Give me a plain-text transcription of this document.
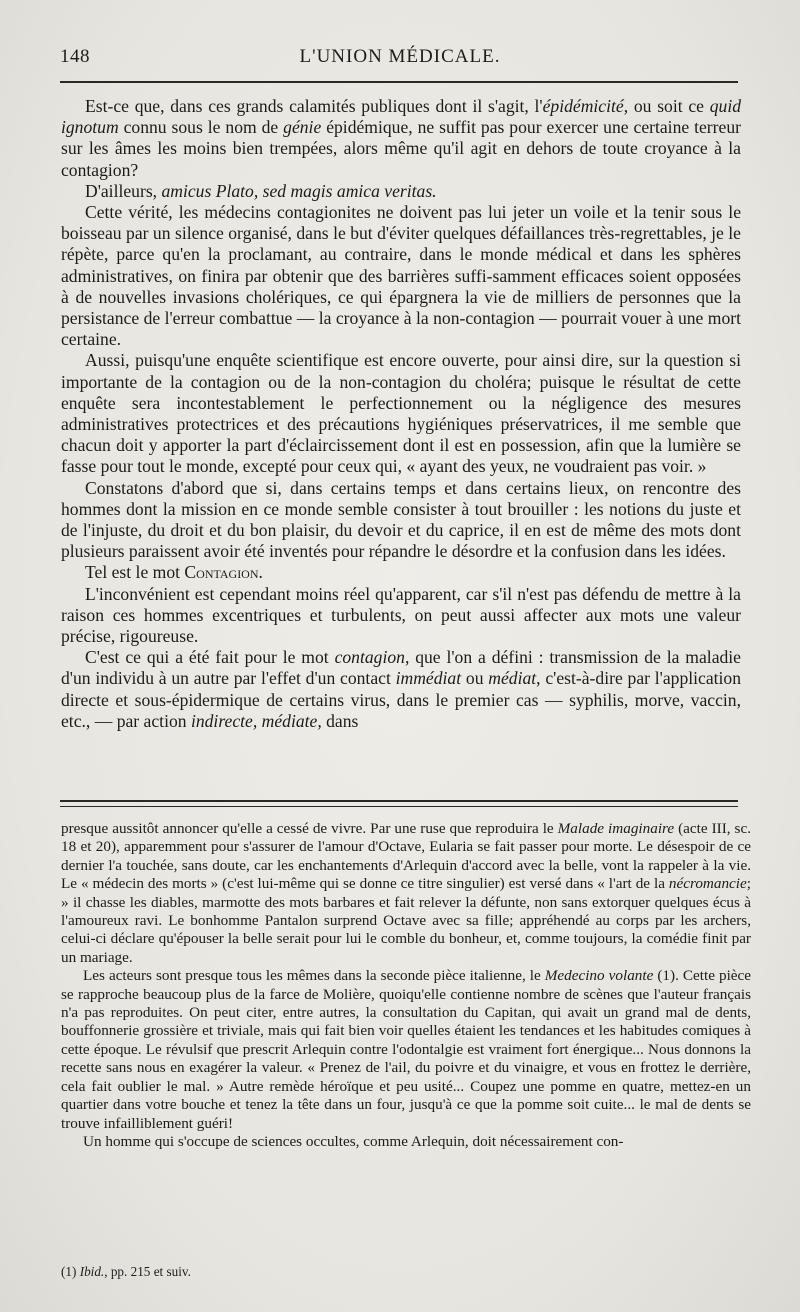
148	L'UNION MÉDICALE.

Est-ce que, dans ces grands calamités publiques dont il s'agit, l'épidémicité, ou soit ce quid ignotum connu sous le nom de génie épidémique, ne suffit pas pour exercer une certaine terreur sur les âmes les moins bien trempées, alors même qu'il agit en dehors de toute croyance à la contagion?

D'ailleurs, amicus Plato, sed magis amica veritas.

Cette vérité, les médecins contagionites ne doivent pas lui jeter un voile et la tenir sous le boisseau par un silence organisé, dans le but d'éviter quelques défaillances très-regrettables, je le répète, parce qu'en la proclamant, au contraire, dans le monde médical et dans les sphères administratives, on finira par obtenir que des barrières suffi-samment efficaces soient opposées à de nouvelles invasions cholériques, ce qui épargnera la vie de milliers de personnes que la persistance de l'erreur combattue — la croyance à la non-contagion — pourrait vouer à une mort certaine.

Aussi, puisqu'une enquête scientifique est encore ouverte, pour ainsi dire, sur la question si importante de la contagion ou de la non-contagion du choléra; puisque le résultat de cette enquête sera incontestablement le perfectionnement ou la négligence des mesures administratives protectrices et des précautions hygiéniques préservatrices, il me semble que chacun doit y apporter la part d'éclaircissement dont il est en possession, afin que la lumière se fasse pour tout le monde, excepté pour ceux qui, « ayant des yeux, ne voudraient pas voir. »

Constatons d'abord que si, dans certains temps et dans certains lieux, on rencontre des hommes dont la mission en ce monde semble consister à tout brouiller : les notions du juste et de l'injuste, du droit et du bon plaisir, du devoir et du caprice, il en est de même des mots dont plusieurs paraissent avoir été inventés pour répandre le désordre et la confusion dans les idées.

Tel est le mot Contagion.

L'inconvénient est cependant moins réel qu'apparent, car s'il n'est pas défendu de mettre à la raison ces hommes excentriques et turbulents, on peut aussi affecter aux mots une valeur précise, rigoureuse.

C'est ce qui a été fait pour le mot contagion, que l'on a défini : transmission de la maladie d'un individu à un autre par l'effet d'un contact immédiat ou médiat, c'est-à-dire par l'application directe et sous-épidermique de certains virus, dans le premier cas — syphilis, morve, vaccin, etc., — par action indirecte, médiate, dans

presque aussitôt annoncer qu'elle a cessé de vivre. Par une ruse que reproduira le Malade imaginaire (acte III, sc. 18 et 20), apparemment pour s'assurer de l'amour d'Octave, Eularia se fait passer pour morte. Le désespoir de ce dernier l'a touchée, sans doute, car les enchantements d'Arlequin d'accord avec la belle, vont la rappeler à la vie. Le « médecin des morts » (c'est lui-même qui se donne ce titre singulier) est versé dans « l'art de la nécromancie; » il chasse les diables, marmotte des mots barbares et fait relever la défunte, non sans extorquer quelques écus à l'amoureux ravi. Le bonhomme Pantalon surprend Octave avec sa fille; appréhendé au corps par les archers, celui-ci déclare qu'épouser la belle serait pour lui le comble du bonheur, et, comme toujours, la comédie finit par un mariage.

Les acteurs sont presque tous les mêmes dans la seconde pièce italienne, le Medecino volante (1). Cette pièce se rapproche beaucoup plus de la farce de Molière, quoiqu'elle contienne nombre de scènes que l'auteur français n'a pas reproduites. On peut citer, entre autres, la consultation du Capitan, qui avait un grand mal de dents, bouffonnerie grossière et triviale, mais qui fait bien voir quelles étaient les tendances et les habitudes comiques à cette époque. Le révulsif que prescrit Arlequin contre l'odontalgie est vraiment fort énergique... Nous donnons la recette sans nous en exagérer la valeur. « Prenez de l'ail, du poivre et du vinaigre, et vous en frottez le derrière, cela fait oublier le mal. » Autre remède héroïque et peu usité... Coupez une pomme en quatre, mettez-en un quartier dans votre bouche et tenez la tête dans un four, jusqu'à ce que la pomme soit cuite... le mal de dents se trouve infailliblement guéri!

Un homme qui s'occupe de sciences occultes, comme Arlequin, doit nécessairement con-

(1) Ibid., pp. 215 et suiv.
